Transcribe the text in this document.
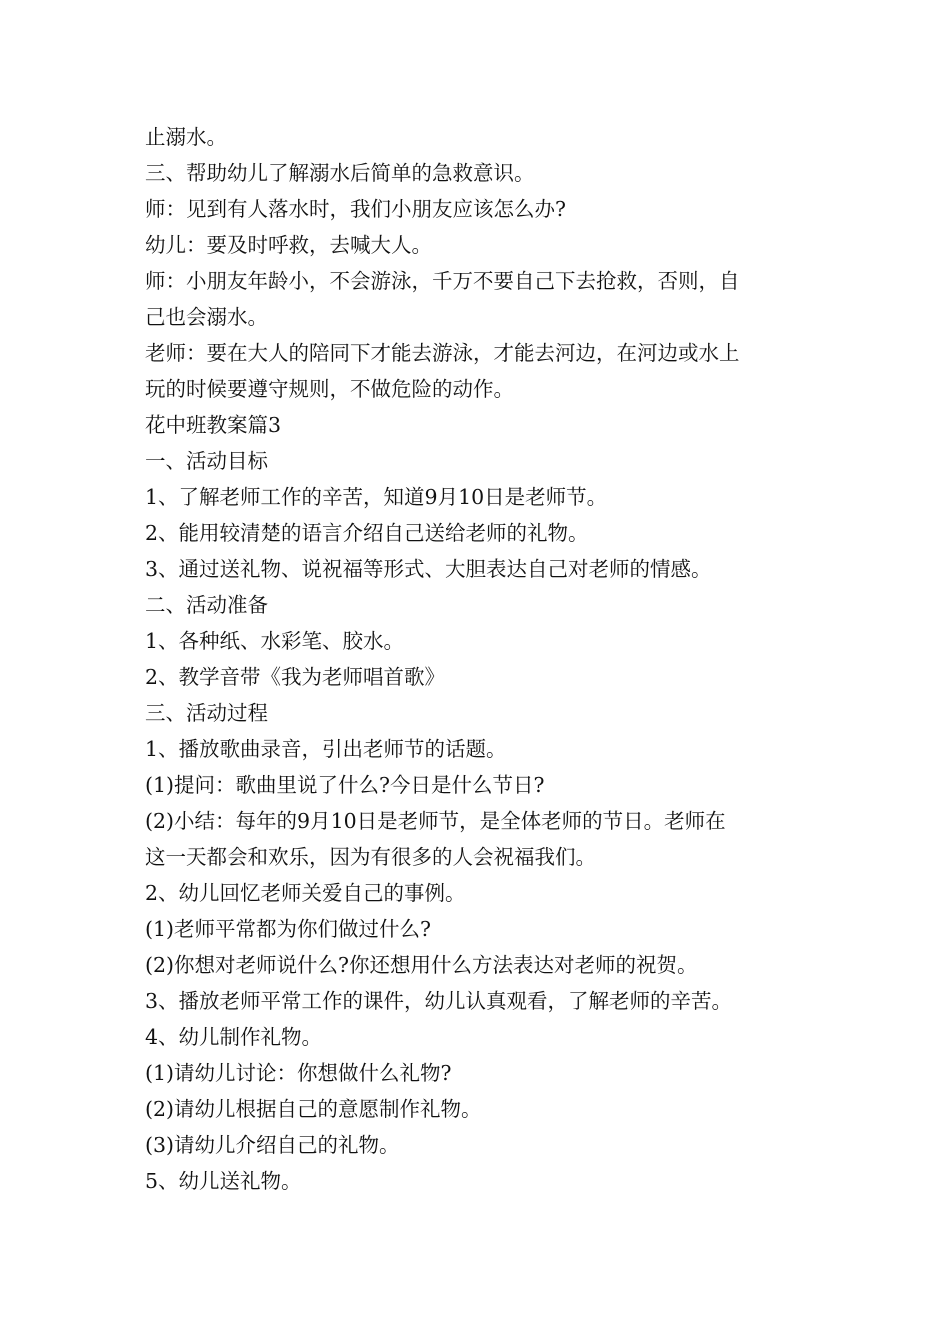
止溺水。
三、帮助幼儿了解溺水后简单的急救意识。
师：见到有人落水时，我们小朋友应该怎么办?
幼儿：要及时呼救，去喊大人。
师：小朋友年龄小，不会游泳，千万不要自己下去抢救，否则，自
己也会溺水。
老师：要在大人的陪同下才能去游泳，才能去河边，在河边或水上
玩的时候要遵守规则，不做危险的动作。
花中班教案篇3
一、活动目标
1、了解老师工作的辛苦，知道9月10日是老师节。
2、能用较清楚的语言介绍自己送给老师的礼物。
3、通过送礼物、说祝福等形式、大胆表达自己对老师的情感。
二、活动准备
1、各种纸、水彩笔、胶水。
2、教学音带《我为老师唱首歌》
三、活动过程
1、播放歌曲录音，引出老师节的话题。
(1)提问：歌曲里说了什么?今日是什么节日?
(2)小结：每年的9月10日是老师节，是全体老师的节日。老师在
这一天都会和欢乐，因为有很多的人会祝福我们。
2、幼儿回忆老师关爱自己的事例。
(1)老师平常都为你们做过什么?
(2)你想对老师说什么?你还想用什么方法表达对老师的祝贺。
3、播放老师平常工作的课件，幼儿认真观看，了解老师的辛苦。
4、幼儿制作礼物。
(1)请幼儿讨论：你想做什么礼物?
(2)请幼儿根据自己的意愿制作礼物。
(3)请幼儿介绍自己的礼物。
5、幼儿送礼物。
